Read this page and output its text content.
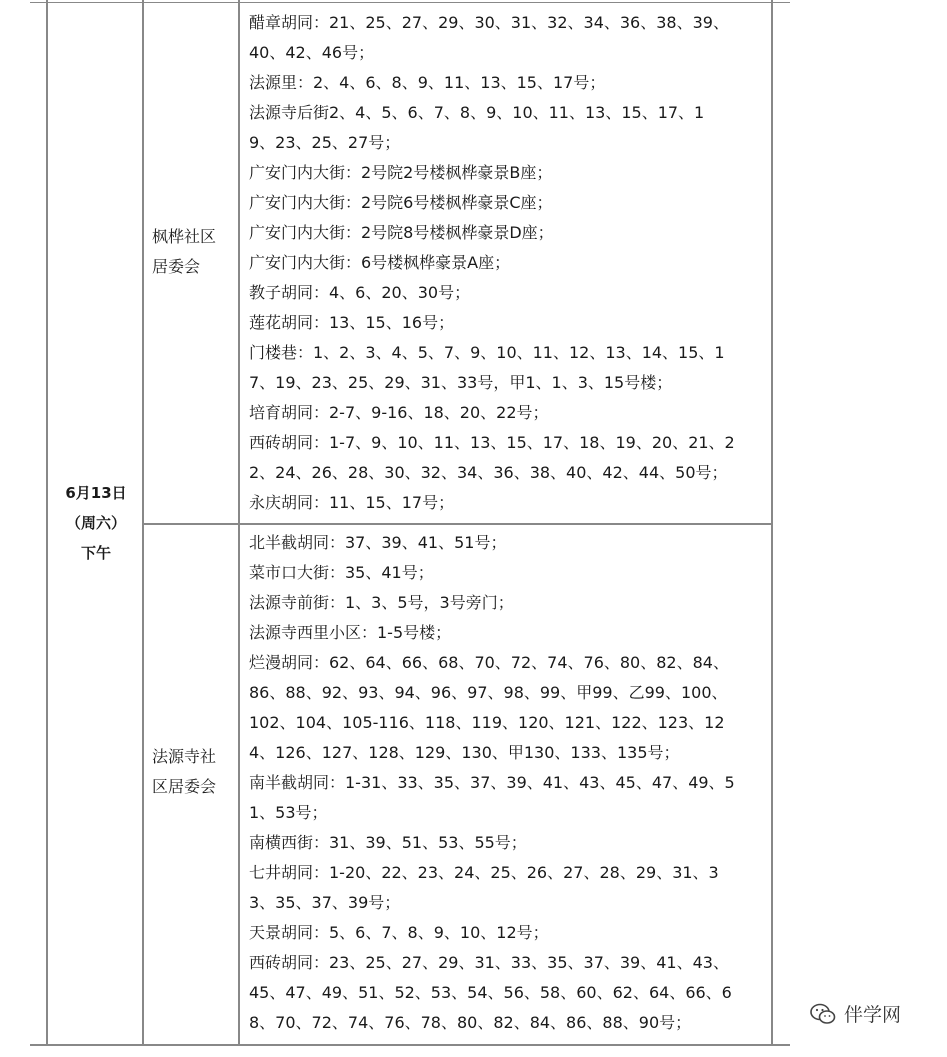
6月13日
（周六）
下午
枫桦社区
居委会
醋章胡同：21、25、27、29、30、31、32、34、36、38、39、
40、42、46号；
法源里：2、4、6、8、9、11、13、15、17号；
法源寺后街2、4、5、6、7、8、9、10、11、13、15、17、1
9、23、25、27号；
广安门内大街：2号院2号楼枫桦豪景B座；
广安门内大街：2号院6号楼枫桦豪景C座；
广安门内大街：2号院8号楼枫桦豪景D座；
广安门内大街：6号楼枫桦豪景A座；
教子胡同：4、6、20、30号；
莲花胡同：13、15、16号；
门楼巷：1、2、3、4、5、7、9、10、11、12、13、14、15、1
7、19、23、25、29、31、33号，甲1、1、3、15号楼；
培育胡同：2-7、9-16、18、20、22号；
西砖胡同：1-7、9、10、11、13、15、17、18、19、20、21、2
2、24、26、28、30、32、34、36、38、40、42、44、50号；
永庆胡同：11、15、17号；
法源寺社
区居委会
北半截胡同：37、39、41、51号；
菜市口大街：35、41号；
法源寺前街：1、3、5号，3号旁门；
法源寺西里小区：1-5号楼；
烂漫胡同：62、64、66、68、70、72、74、76、80、82、84、
86、88、92、93、94、96、97、98、99、甲99、乙99、100、
102、104、105-116、118、119、120、121、122、123、12
4、126、127、128、129、130、甲130、133、135号；
南半截胡同：1-31、33、35、37、39、41、43、45、47、49、5
1、53号；
南横西街：31、39、51、53、55号；
七井胡同：1-20、22、23、24、25、26、27、28、29、31、3
3、35、37、39号；
天景胡同：5、6、7、8、9、10、12号；
西砖胡同：23、25、27、29、31、33、35、37、39、41、43、
45、47、49、51、52、53、54、56、58、60、62、64、66、6
8、70、72、74、76、78、80、82、84、86、88、90号；	伴学网
